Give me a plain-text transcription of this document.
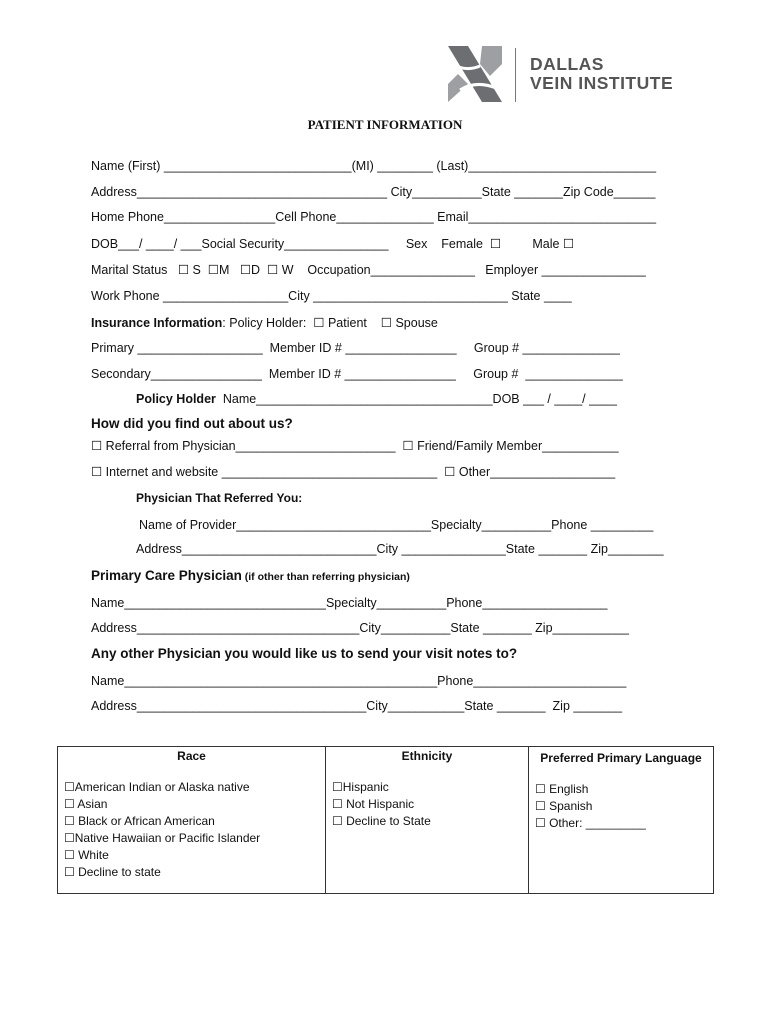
DALLAS
VEIN INSTITUTE
PATIENT INFORMATION
Name (First) ___________________________(MI) ________ (Last)___________________________
Address____________________________________ City__________State _______Zip Code______
Home Phone________________Cell Phone______________ Email___________________________
DOB___/ ____/ ___Social Security_______________     Sex    Female  ☐         Male ☐
Marital Status   ☐ S  ☐M   ☐D  ☐ W    Occupation_______________   Employer _______________
Work Phone __________________City ____________________________ State ____
Insurance Information: Policy Holder:  ☐ Patient    ☐ Spouse
Primary __________________  Member ID # ________________     Group # ______________
Secondary________________  Member ID # ________________     Group #  ______________
Policy Holder  Name__________________________________DOB ___ / ____/ ____
How did you find out about us?
☐ Referral from Physician_______________________  ☐ Friend/Family Member___________
☐ Internet and website _______________________________  ☐ Other__________________
Physician That Referred You:
Name of Provider____________________________Specialty__________Phone _________
Address____________________________City _______________State _______ Zip________
Primary Care Physician (if other than referring physician)
Name_____________________________Specialty__________Phone__________________
Address________________________________City__________State _______ Zip___________
Any other Physician you would like us to send your visit notes to?
Name_____________________________________________Phone______________________
Address_________________________________City___________State _______  Zip _______
Race
☐American Indian or Alaska native
☐ Asian
☐ Black or African American
☐Native Hawaiian or Pacific Islander
☐ White
☐ Decline to state

Ethnicity
☐Hispanic
☐ Not Hispanic
☐ Decline to State

Preferred Primary Language
☐ English
☐ Spanish
☐ Other: _________
